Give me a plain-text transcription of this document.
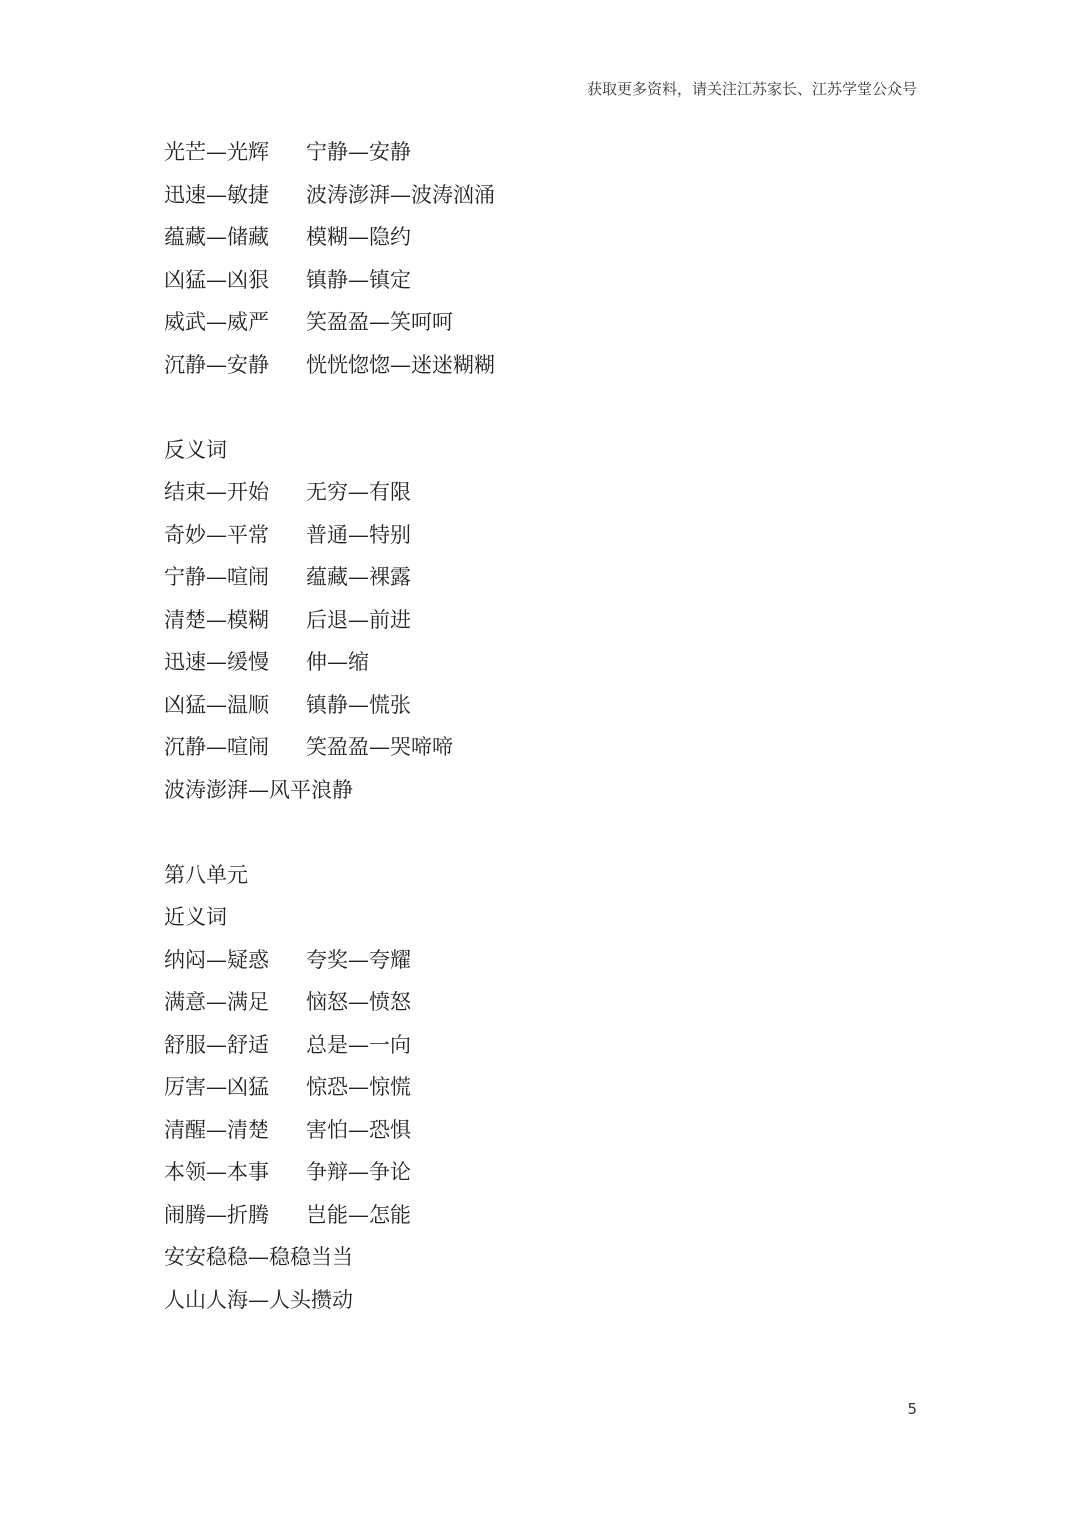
获取更多资料，请关注江苏家长、江苏学堂公众号
光芒—光辉	宁静—安静
迅速—敏捷	波涛澎湃—波涛汹涌
蕴藏—储藏	模糊—隐约
凶猛—凶狠	镇静—镇定
威武—威严	笑盈盈—笑呵呵
沉静—安静	恍恍惚惚—迷迷糊糊
反义词
结束—开始	无穷—有限
奇妙—平常	普通—特别
宁静—喧闹	蕴藏—裸露
清楚—模糊	后退—前进
迅速—缓慢	伸—缩
凶猛—温顺	镇静—慌张
沉静—喧闹	笑盈盈—哭啼啼
波涛澎湃—风平浪静
第八单元
近义词
纳闷—疑惑	夸奖—夸耀
满意—满足	恼怒—愤怒
舒服—舒适	总是—一向
厉害—凶猛	惊恐—惊慌
清醒—清楚	害怕—恐惧
本领—本事	争辩—争论
闹腾—折腾	岂能—怎能
安安稳稳—稳稳当当
人山人海—人头攒动
5
